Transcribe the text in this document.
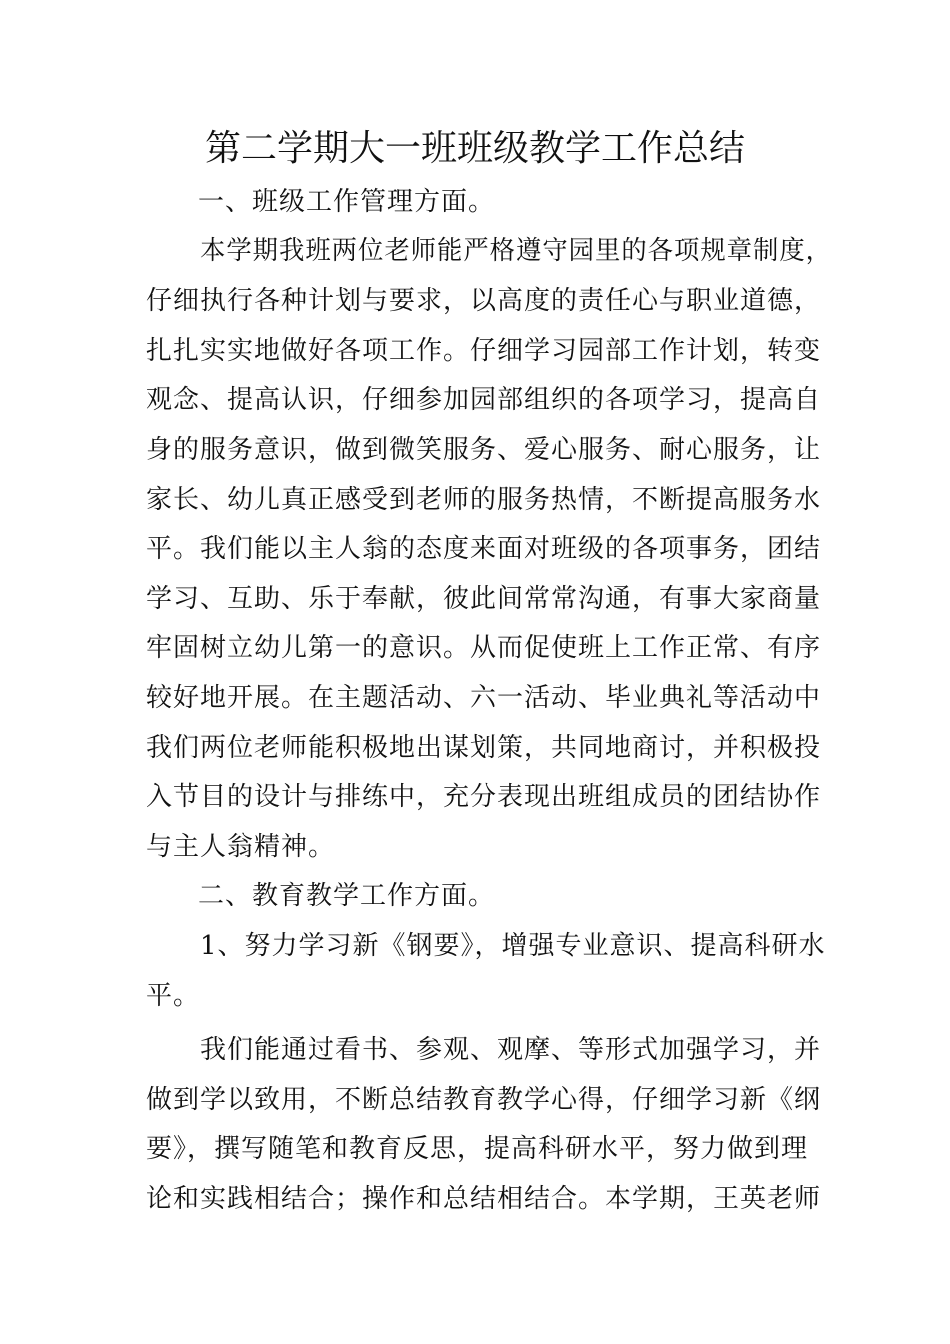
第二学期大一班班级教学工作总结
一、班级工作管理方面。
本学期我班两位老师能严格遵守园里的各项规章制度，
仔细执行各种计划与要求，以高度的责任心与职业道德，
扎扎实实地做好各项工作。仔细学习园部工作计划，转变
观念、提高认识，仔细参加园部组织的各项学习，提高自
身的服务意识，做到微笑服务、爱心服务、耐心服务，让
家长、幼儿真正感受到老师的服务热情，不断提高服务水
平。我们能以主人翁的态度来面对班级的各项事务，团结
学习、互助、乐于奉献，彼此间常常沟通，有事大家商量
牢固树立幼儿第一的意识。从而促使班上工作正常、有序
较好地开展。在主题活动、六一活动、毕业典礼等活动中
我们两位老师能积极地出谋划策，共同地商讨，并积极投
入节目的设计与排练中，充分表现出班组成员的团结协作
与主人翁精神。
二、教育教学工作方面。
1、努力学习新《钢要》，增强专业意识、提高科研水
平。
我们能通过看书、参观、观摩、等形式加强学习，并
做到学以致用，不断总结教育教学心得，仔细学习新《纲
要》，撰写随笔和教育反思，提高科研水平，努力做到理
论和实践相结合；操作和总结相结合。本学期，王英老师
